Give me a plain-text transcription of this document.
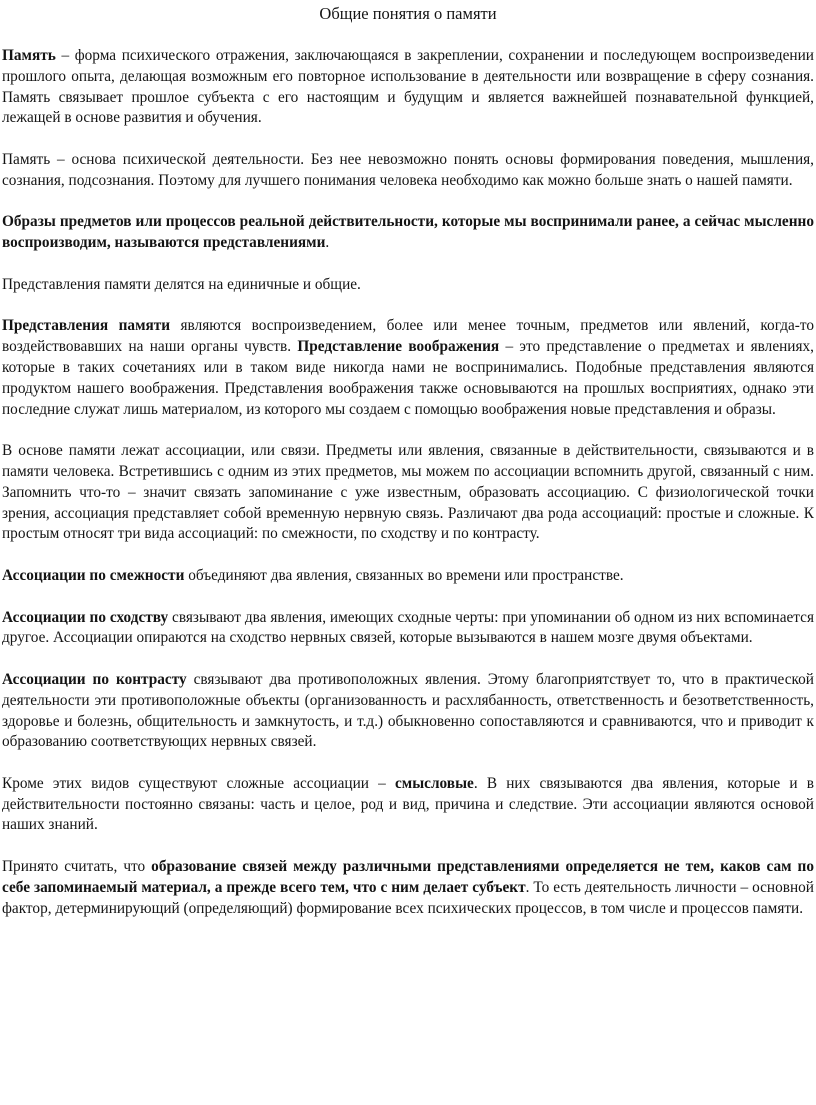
Общие понятия о памяти

Память – форма психического отражения, заключающаяся в закреплении, сохранении и последующем воспроизведении прошлого опыта, делающая возможным его повторное использование в деятельности или возвращение в сферу сознания. Память связывает прошлое субъекта с его настоящим и будущим и является важнейшей познавательной функцией, лежащей в основе развития и обучения.

Память – основа психической деятельности. Без нее невозможно понять основы формирования поведения, мышления, сознания, подсознания. Поэтому для лучшего понимания человека необходимо как можно больше знать о нашей памяти.

Образы предметов или процессов реальной действительности, которые мы воспринимали ранее, а сейчас мысленно воспроизводим, называются представлениями.

Представления памяти делятся на единичные и общие.

Представления памяти являются воспроизведением, более или менее точным, предметов или явлений, когда-то воздействовавших на наши органы чувств. Представление воображения – это представление о предметах и явлениях, которые в таких сочетаниях или в таком виде никогда нами не воспринимались. Подобные представления являются продуктом нашего воображения. Представления воображения также основываются на прошлых восприятиях, однако эти последние служат лишь материалом, из которого мы создаем с помощью воображения новые представления и образы.

В основе памяти лежат ассоциации, или связи. Предметы или явления, связанные в действительности, связываются и в памяти человека. Встретившись с одним из этих предметов, мы можем по ассоциации вспомнить другой, связанный с ним. Запомнить что-то – значит связать запоминание с уже известным, образовать ассоциацию. С физиологической точки зрения, ассоциация представляет собой временную нервную связь. Различают два рода ассоциаций: простые и сложные. К простым относят три вида ассоциаций: по смежности, по сходству и по контрасту.

Ассоциации по смежности объединяют два явления, связанных во времени или пространстве.

Ассоциации по сходству связывают два явления, имеющих сходные черты: при упоминании об одном из них вспоминается другое. Ассоциации опираются на сходство нервных связей, которые вызываются в нашем мозге двумя объектами.

Ассоциации по контрасту связывают два противоположных явления. Этому благоприятствует то, что в практической деятельности эти противоположные объекты (организованность и расхлябанность, ответственность и безответственность, здоровье и болезнь, общительность и замкнутость, и т.д.) обыкновенно сопоставляются и сравниваются, что и приводит к образованию соответствующих нервных связей.

Кроме этих видов существуют сложные ассоциации – смысловые. В них связываются два явления, которые и в действительности постоянно связаны: часть и целое, род и вид, причина и следствие. Эти ассоциации являются основой наших знаний.

Принято считать, что образование связей между различными представлениями определяется не тем, каков сам по себе запоминаемый материал, а прежде всего тем, что с ним делает субъект. То есть деятельность личности – основной фактор, детерминирующий (определяющий) формирование всех психических процессов, в том числе и процессов памяти.
